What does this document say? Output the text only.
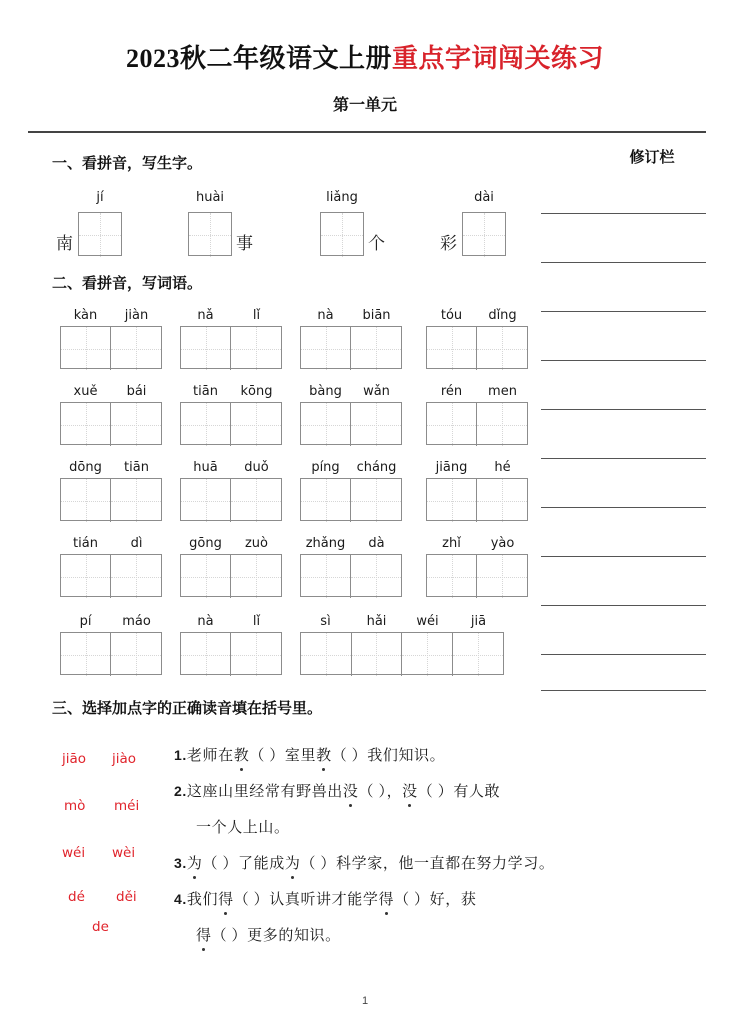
2023秋二年级语文上册重点字词闯关练习
第一单元
修订栏
一、看拼音，写生字。
jí
南
huài
事
liǎng
个
dài
彩
二、看拼音，写词语。
kàn	jiàn	nǎ	lǐ	nà	biān	tóu	dǐng
xuě	bái	tiān	kōng	bàng	wǎn	rén	men
dōng	tiān	huā	duǒ	píng	cháng	jiāng	hé
tián	dì	gōng	zuò	zhǎng	dà	zhǐ	yào
pí	máo	nà	lǐ	sì	hǎi	wéi	jiā
三、选择加点字的正确读音填在括号里。
jiāo jiào
mò méi
wéi wèi
dé děi
de
1.老师在教（ ）室里教（ ）我们知识。
2.这座山里经常有野兽出没（ ），没（ ）有人敢
一个人上山。
3.为（ ）了能成为（ ）科学家，他一直都在努力学习。
4.我们得（ ）认真听讲才能学得（ ）好，获
得（ ）更多的知识。
1
